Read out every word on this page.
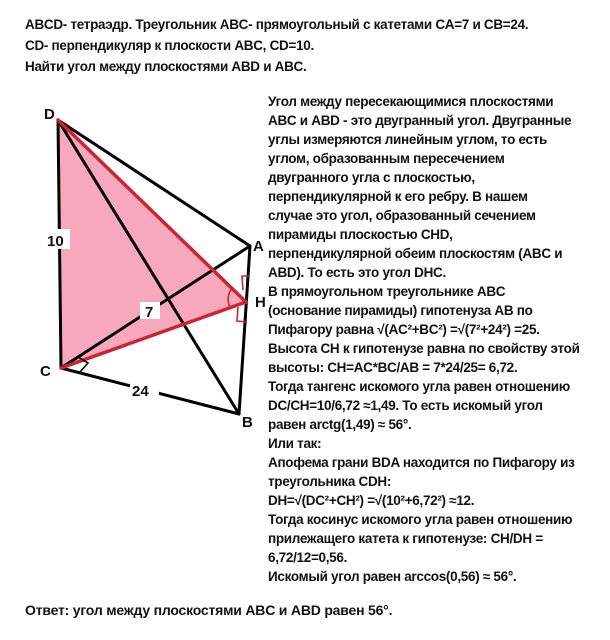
ABCD- тетраэдр. Треугольник ABC- прямоугольный с катетами CA=7 и CB=24.
CD- перпендикуляр к плоскости ABC, CD=10.
Найти угол между плоскостями ABD и ABC.
10
7
24
D
A
H
C
B
Угол между пересекающимися плоскостями
ABC и ABD - это двугранный угол. Двугранные
углы измеряются линейным углом, то есть
углом, образованным пересечением
двугранного угла с плоскостью,
перпендикулярной к его ребру. В нашем
случае это угол, образованный сечением
пирамиды плоскостью CHD,
перпендикулярной обеим плоскостям (ABC и
ABD). То есть это угол DHC.
В прямоугольном треугольнике ABC
(основание пирамиды) гипотенуза AB по
Пифагору равна √(AC²+BC²) =√(7²+24²) =25.
Высота CH к гипотенузе равна по свойству этой
высоты: CH=AC*BC/AB = 7*24/25= 6,72.
Тогда тангенс искомого угла равен отношению
DC/CH=10/6,72 ≈1,49. То есть искомый угол
равен arctg(1,49) ≈ 56°.
Или так:
Апофема грани BDA находится по Пифагору из
треугольника CDH:
DH=√(DC²+CH²) =√(10²+6,72²) ≈12.
Тогда косинус искомого угла равен отношению
прилежащего катета к гипотенузе: CH/DH =
6,72/12=0,56.
Искомый угол равен arccos(0,56) ≈ 56°.
Ответ: угол между плоскостями ABC и ABD равен 56°.
